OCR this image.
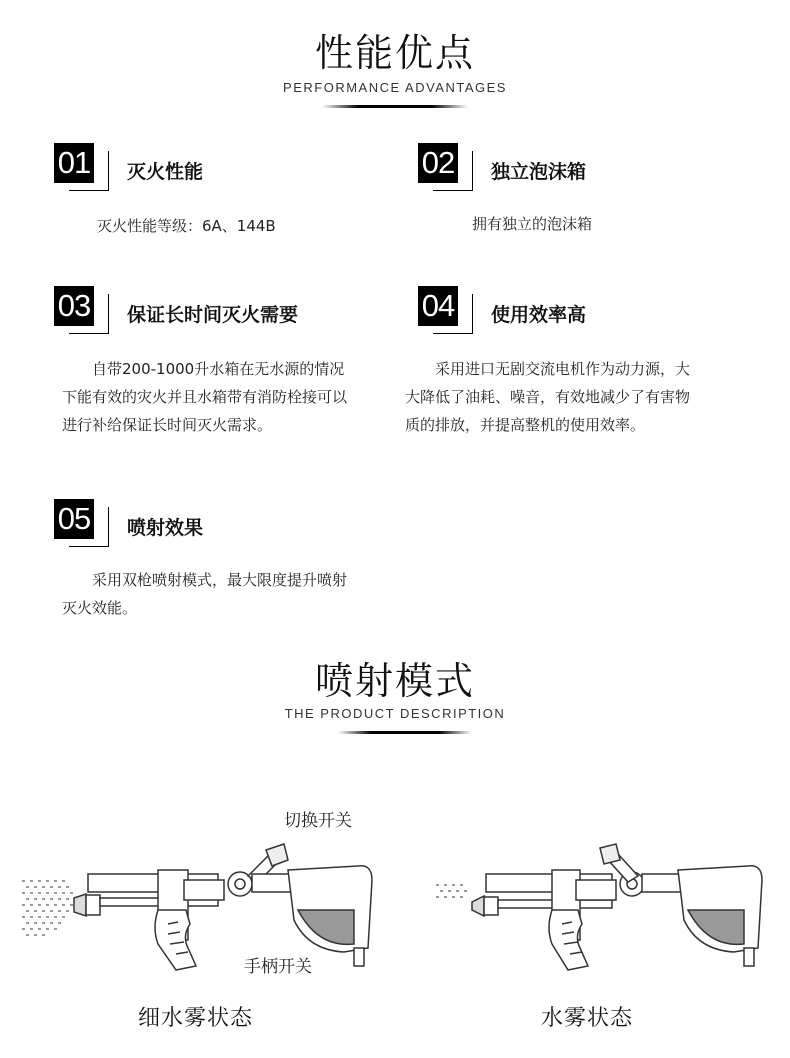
性能优点
PERFORMANCE ADVANTAGES
01 灭火性能
灭火性能等级：6A、144B
02 独立泡沫箱
拥有独立的泡沫箱
03 保证长时间灭火需要
自带200-1000升水箱在无水源的情况下能有效的灾火并且水箱带有消防栓接可以进行补给保证长时间灭火需求。
04 使用效率高
采用进口无剧交流电机作为动力源，大大降低了油耗、噪音，有效地减少了有害物质的排放，并提高整机的使用效率。
05 喷射效果
采用双枪喷射模式，最大限度提升喷射灭火效能。
喷射模式
THE PRODUCT DESCRIPTION
切换开关
手柄开关
细水雾状态	水雾状态
